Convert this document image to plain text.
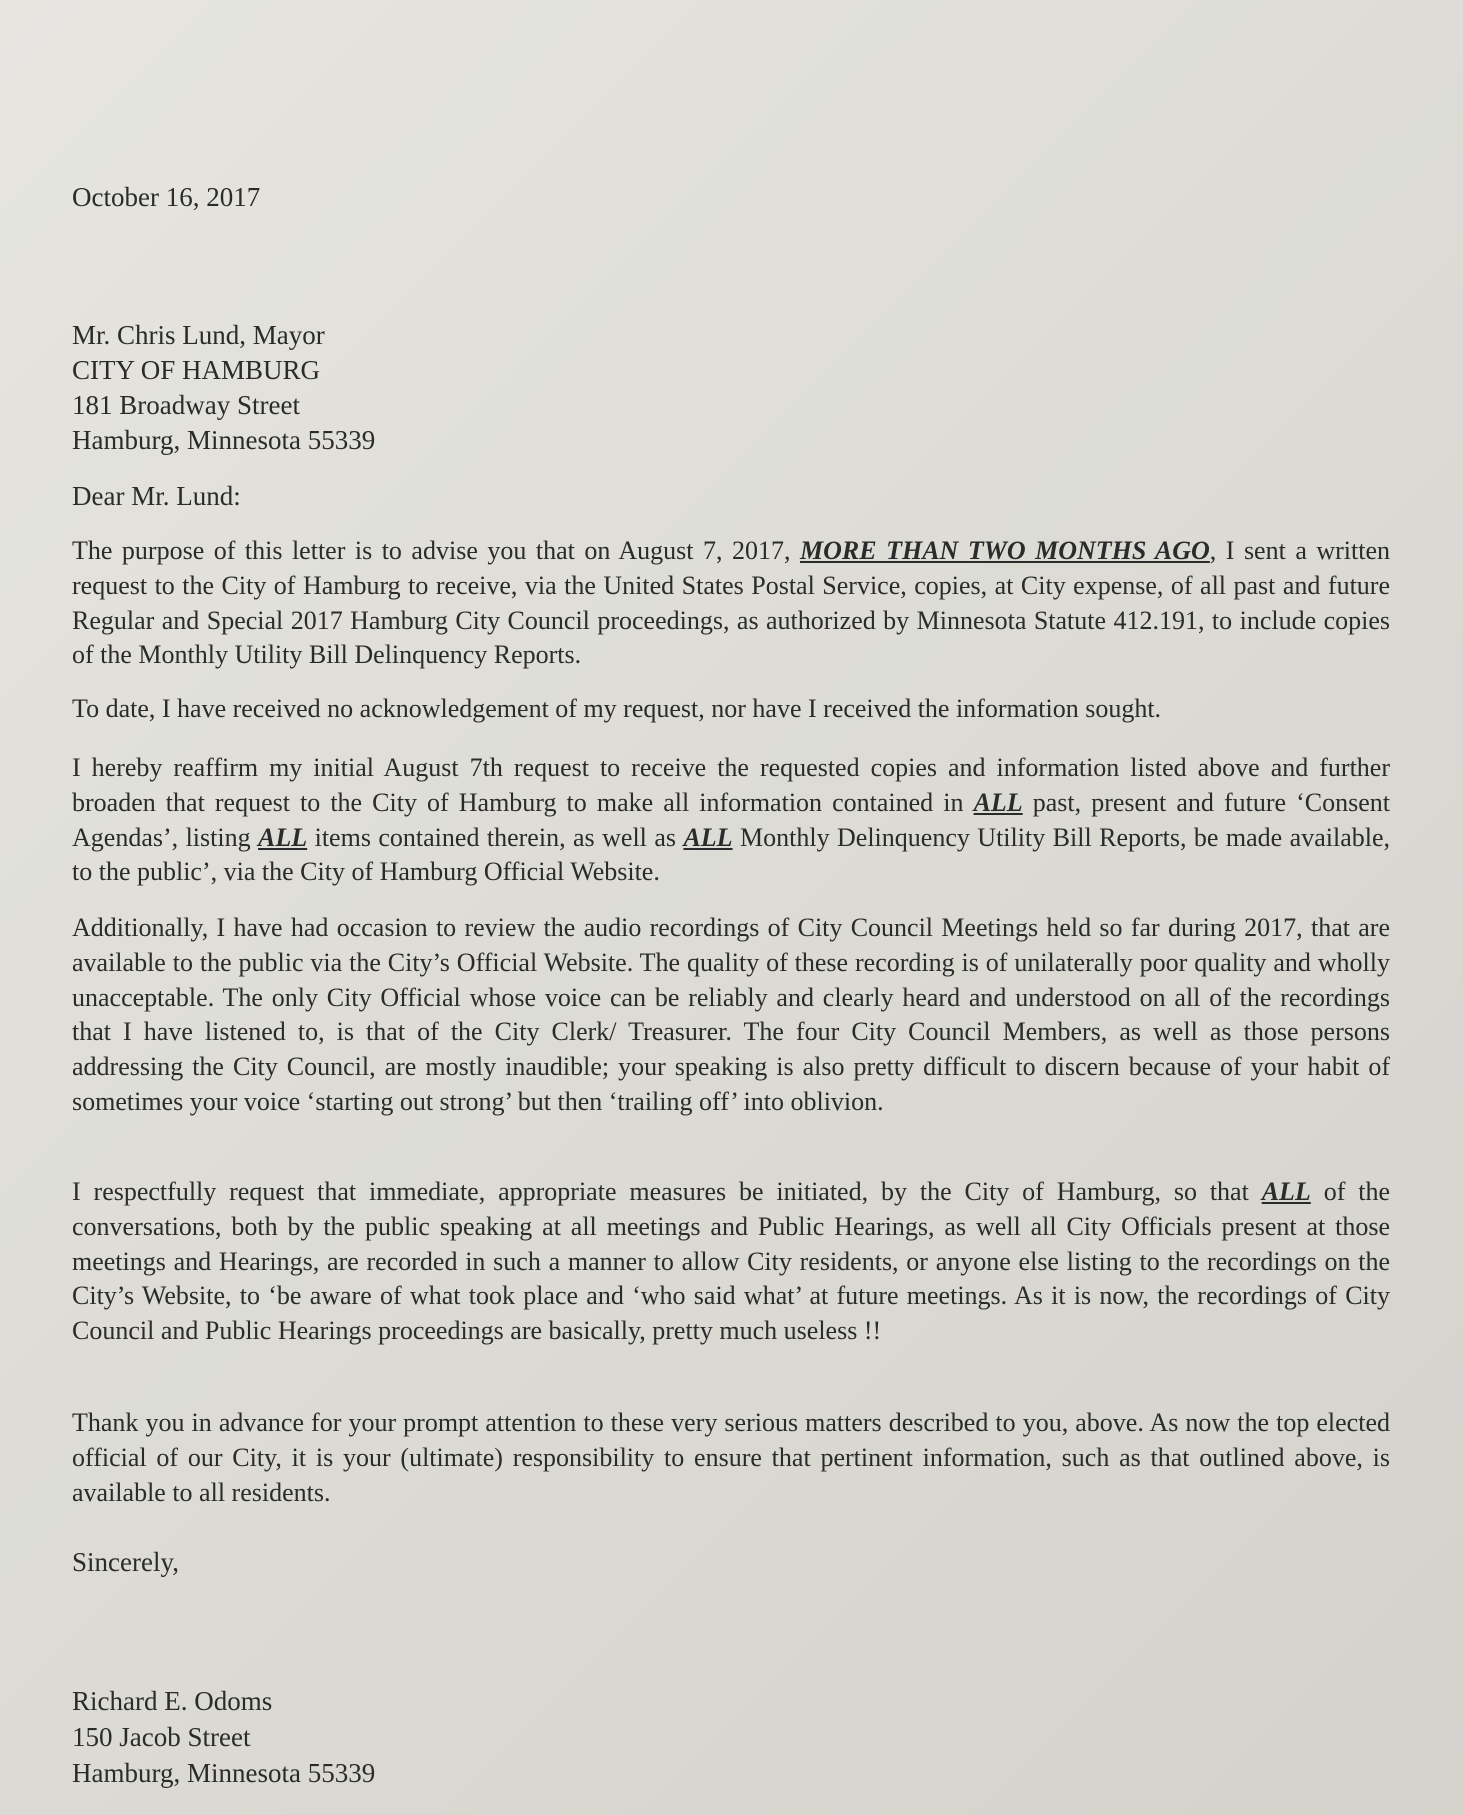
October 16, 2017
Mr. Chris Lund, Mayor
CITY OF HAMBURG
181 Broadway Street
Hamburg, Minnesota 55339
Dear Mr. Lund:

The purpose of this letter is to advise you that on August 7, 2017, MORE THAN TWO MONTHS AGO, I sent a written request to the City of Hamburg to receive, via the United States Postal Service, copies, at City expense, of all past and future Regular and Special 2017 Hamburg City Council proceedings, as authorized by Minnesota Statute 412.191, to include copies of the Monthly Utility Bill Delinquency Reports.

To date, I have received no acknowledgement of my request, nor have I received the information sought.

I hereby reaffirm my initial August 7th request to receive the requested copies and information listed above and further broaden that request to the City of Hamburg to make all information contained in ALL past, present and future ‘Consent Agendas’, listing ALL items contained therein, as well as ALL Monthly Delinquency Utility Bill Reports, be made available, to the public’, via the City of Hamburg Official Website.

Additionally, I have had occasion to review the audio recordings of City Council Meetings held so far during 2017, that are available to the public via the City’s Official Website. The quality of these recording is of unilaterally poor quality and wholly unacceptable. The only City Official whose voice can be reliably and clearly heard and understood on all of the recordings that I have listened to, is that of the City Clerk/ Treasurer. The four City Council Members, as well as those persons addressing the City Council, are mostly inaudible; your speaking is also pretty difficult to discern because of your habit of sometimes your voice ‘starting out strong’ but then ‘trailing off’ into oblivion.

I respectfully request that immediate, appropriate measures be initiated, by the City of Hamburg, so that ALL of the conversations, both by the public speaking at all meetings and Public Hearings, as well all City Officials present at those meetings and Hearings, are recorded in such a manner to allow City residents, or anyone else listing to the recordings on the City’s Website, to ‘be aware of what took place and ‘who said what’ at future meetings. As it is now, the recordings of City Council and Public Hearings proceedings are basically, pretty much useless !!

Thank you in advance for your prompt attention to these very serious matters described to you, above. As now the top elected official of our City, it is your (ultimate) responsibility to ensure that pertinent information, such as that outlined above, is available to all residents.

Sincerely,
Richard E. Odoms
150 Jacob Street
Hamburg, Minnesota 55339
